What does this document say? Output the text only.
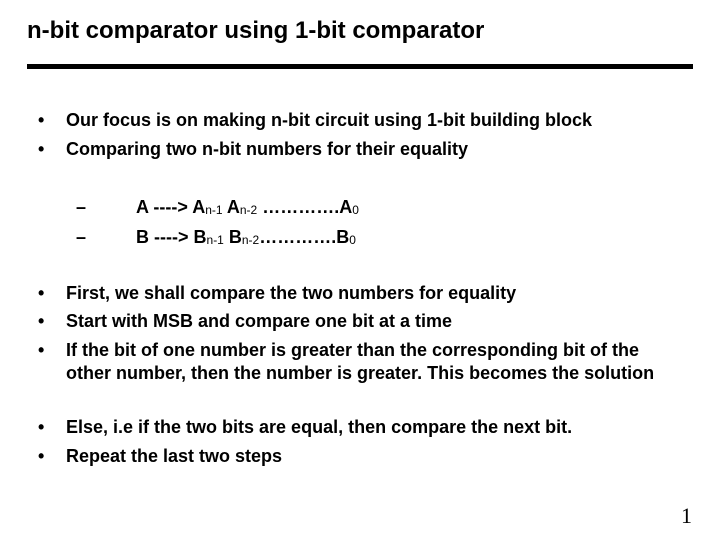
n-bit comparator using 1-bit comparator
•	Our focus is on making n-bit circuit using 1-bit building block
•	Comparing two n-bit numbers for their equality
–	A ----> $A_{n-1}$ $A_{n-2}$ $\dots\dots\dots\dots.A_0$
–	B ----> $B_{n-1}$ $B_{n-2}\dots\dots\dots\dots.B_0$
•	First, we shall compare the two numbers for equality
•	Start with MSB and compare one bit at a time
•	If the bit of one number is greater than the corresponding bit of the other number, then the number is greater. This becomes the solution
•	Else, i.e if the two bits are equal, then compare the next bit.
•	Repeat the last two steps
1
